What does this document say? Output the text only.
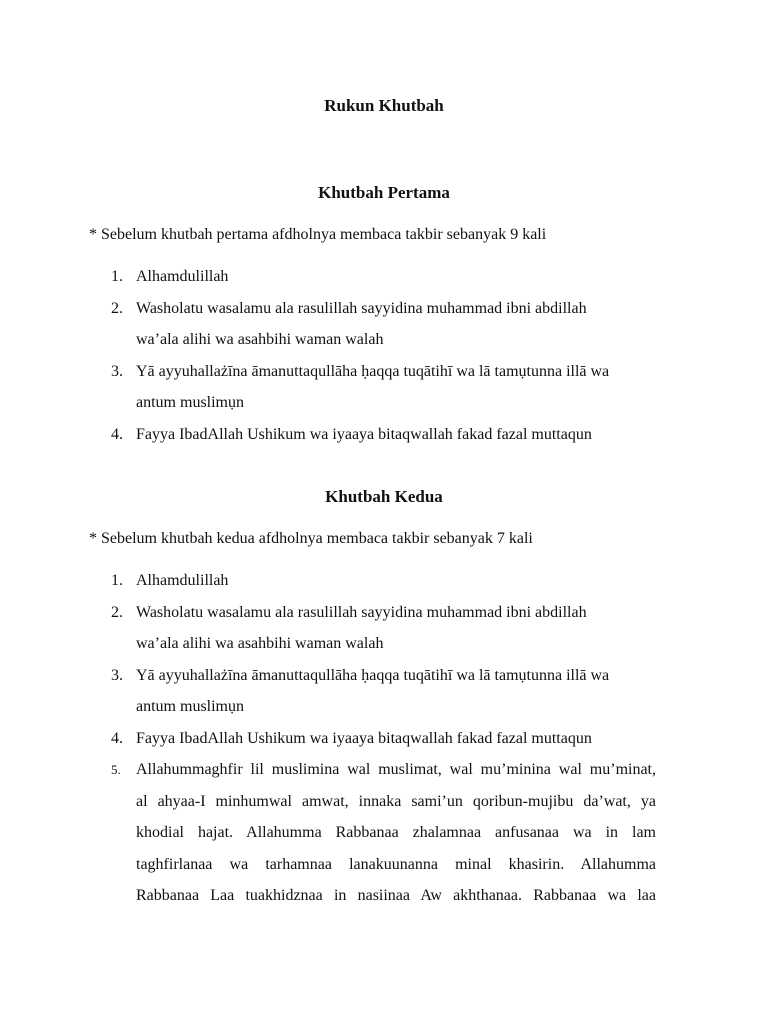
Rukun Khutbah
Khutbah Pertama
* Sebelum khutbah pertama afdholnya membaca takbir sebanyak 9 kali
1. Alhamdulillah
2. Washolatu wasalamu ala rasulillah sayyidina muhammad ibni abdillah
wa’ala alihi wa asahbihi waman walah
3. Yā ayyuhallażīna āmanuttaqullāha ḥaqqa tuqātihī wa lā tamụtunna illā wa
antum muslimụn
4. Fayya IbadAllah Ushikum wa iyaaya bitaqwallah fakad fazal muttaqun
Khutbah Kedua
* Sebelum khutbah kedua afdholnya membaca takbir sebanyak 7 kali
1. Alhamdulillah
2. Washolatu wasalamu ala rasulillah sayyidina muhammad ibni abdillah
wa’ala alihi wa asahbihi waman walah
3. Yā ayyuhallażīna āmanuttaqullāha ḥaqqa tuqātihī wa lā tamụtunna illā wa
antum muslimụn
4. Fayya IbadAllah Ushikum wa iyaaya bitaqwallah fakad fazal muttaqun
5. Allahummaghfir lil muslimina wal muslimat, wal mu’minina wal mu’minat,
al ahyaa-I minhumwal amwat, innaka sami’un qoribun-mujibu da’wat, ya
khodial hajat. Allahumma Rabbanaa zhalamnaa anfusanaa wa in lam
taghfirlanaa wa tarhamnaa lanakuunanna minal khasirin. Allahumma
Rabbanaa Laa tuakhidznaa in nasiinaa Aw akhthanaa. Rabbanaa wa laa
